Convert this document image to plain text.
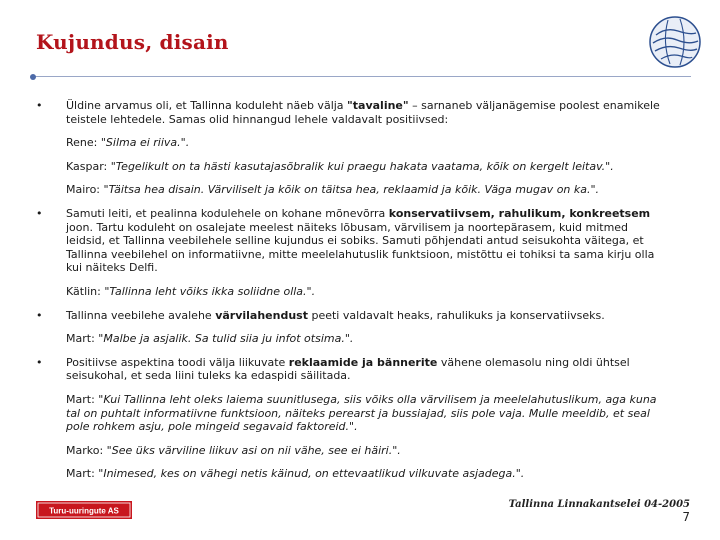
Kujundus, disain
• Üldine arvamus oli, et Tallinna koduleht näeb välja "tavaline" – sarnaneb väljanägemise poolest enamikele teistele lehtedele. Samas olid hinnangud lehele valdavalt positiivsed:
Rene: "Silma ei riiva.".
Kaspar: "Tegelikult on ta hästi kasutajasõbralik kui praegu hakata vaatama, kõik on kergelt leitav.".
Mairo: "Täitsa hea disain. Värviliselt ja kõik on täitsa hea, reklaamid ja kõik. Väga mugav on ka.".
• Samuti leiti, et pealinna kodulehele on kohane mõnevõrra konservatiivsem, rahulikum, konkreetsem joon. Tartu koduleht on osalejate meelest näiteks lõbusam, värvilisem ja noortepärasem, kuid mitmed leidsid, et Tallinna veebilehele selline kujundus ei sobiks. Samuti põhjendati antud seisukohta väitega, et Tallinna veebilehel on informatiivne, mitte meelelahutuslik funktsioon, mistõttu ei tohiksi ta sama kirju olla kui näiteks Delfi.
Kätlin: "Tallinna leht võiks ikka soliidne olla.".
• Tallinna veebilehe avalehe värvilahendust peeti valdavalt heaks, rahulikuks ja konservatiivseks.
Mart: "Malbe ja asjalik. Sa tulid siia ju infot otsima.".
• Positiivse aspektina toodi välja liikuvate reklaamide ja bännerite vähene olemasolu ning oldi ühtsel seisukohal, et seda liini tuleks ka edaspidi säilitada.
Mart: "Kui Tallinna leht oleks laiema suunitlusega, siis võiks olla värvilisem ja meelelahutuslikum, aga kuna tal on puhtalt informatiivne funktsioon, näiteks perearst ja bussiajad, siis pole vaja. Mulle meeldib, et seal pole rohkem asju, pole mingeid segavaid faktoreid.".
Marko: "See üks värviline liikuv asi on nii vähe, see ei häiri.".
Mart: "Inimesed, kes on vähegi netis käinud, on ettevaatlikud vilkuvate asjadega.".
Turu-uuringute AS
Tallinna Linnakantselei 04-2005
7
